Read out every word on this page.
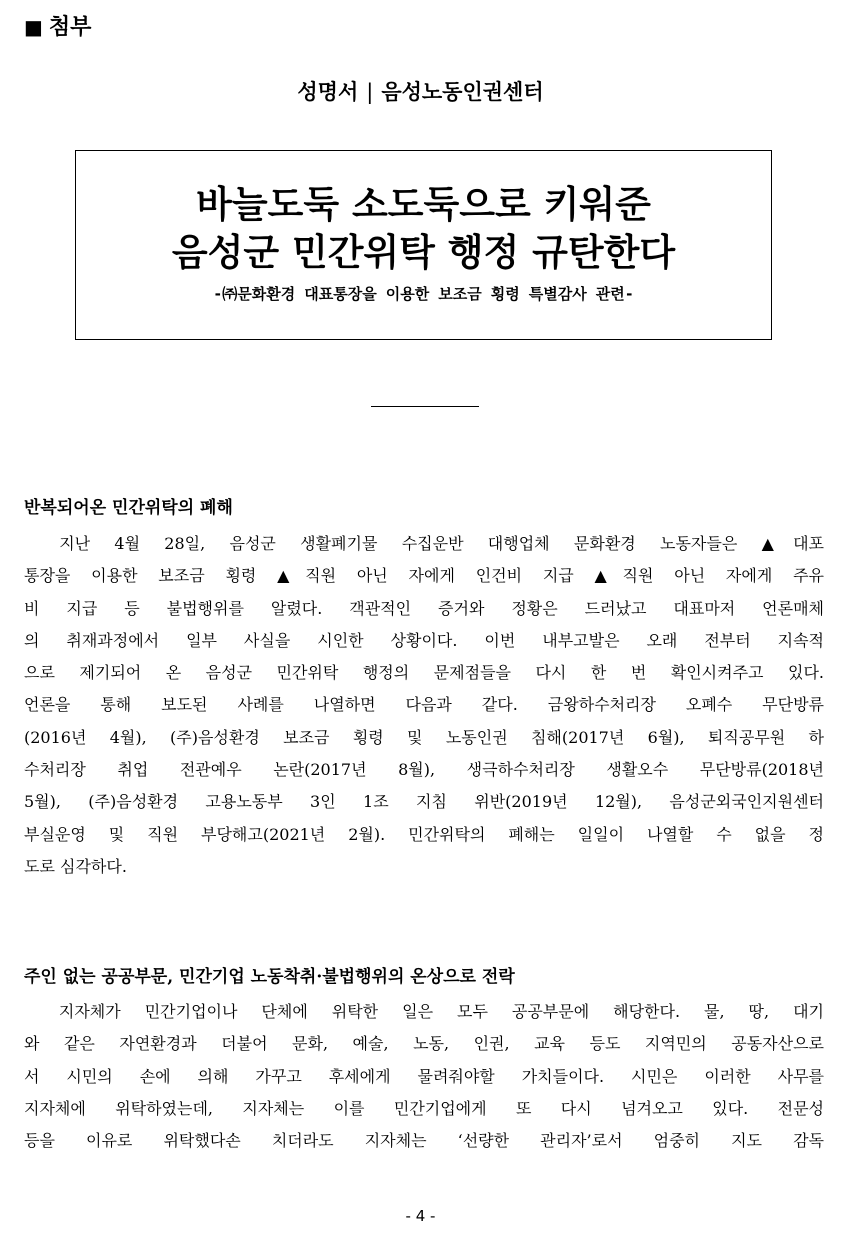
■ 첨부
성명서 | 음성노동인권센터
바늘도둑 소도둑으로 키워준
음성군 민간위탁 행정 규탄한다
-㈜문화환경 대표통장을 이용한 보조금 횡령 특별감사 관련-
반복되어온 민간위탁의 폐해
　지난 4월 28일, 음성군 생활폐기물 수집운반 대행업체 문화환경 노동자들은 ▲대포
통장을 이용한 보조금 횡령 ▲직원 아닌 자에게 인건비 지급 ▲직원 아닌 자에게 주유
비 지급 등 불법행위를 알렸다. 객관적인 증거와 정황은 드러났고 대표마저 언론매체
의 취재과정에서 일부 사실을 시인한 상황이다. 이번 내부고발은 오래 전부터 지속적
으로 제기되어 온 음성군 민간위탁 행정의 문제점들을 다시 한 번 확인시켜주고 있다.
언론을 통해 보도된 사례를 나열하면 다음과 같다. 금왕하수처리장 오폐수 무단방류
(2016년 4월), (주)음성환경 보조금 횡령 및 노동인권 침해(2017년 6월), 퇴직공무원 하
수처리장 취업 전관예우 논란(2017년 8월), 생극하수처리장 생활오수 무단방류(2018년
5월), (주)음성환경 고용노동부 3인 1조 지침 위반(2019년 12월), 음성군외국인지원센터
부실운영 및 직원 부당해고(2021년 2월). 민간위탁의 폐해는 일일이 나열할 수 없을 정
도로 심각하다.
주인 없는 공공부문, 민간기업 노동착취·불법행위의 온상으로 전락
　지자체가 민간기업이나 단체에 위탁한 일은 모두 공공부문에 해당한다. 물, 땅, 대기
와 같은 자연환경과 더불어 문화, 예술, 노동, 인권, 교육 등도 지역민의 공동자산으로
서 시민의 손에 의해 가꾸고 후세에게 물려줘야할 가치들이다. 시민은 이러한 사무를
지자체에 위탁하였는데, 지자체는 이를 민간기업에게 또 다시 넘겨오고 있다. 전문성
등을 이유로 위탁했다손 치더라도 지자체는 ‘선량한 관리자’로서 엄중히 지도 감독
- 4 -
